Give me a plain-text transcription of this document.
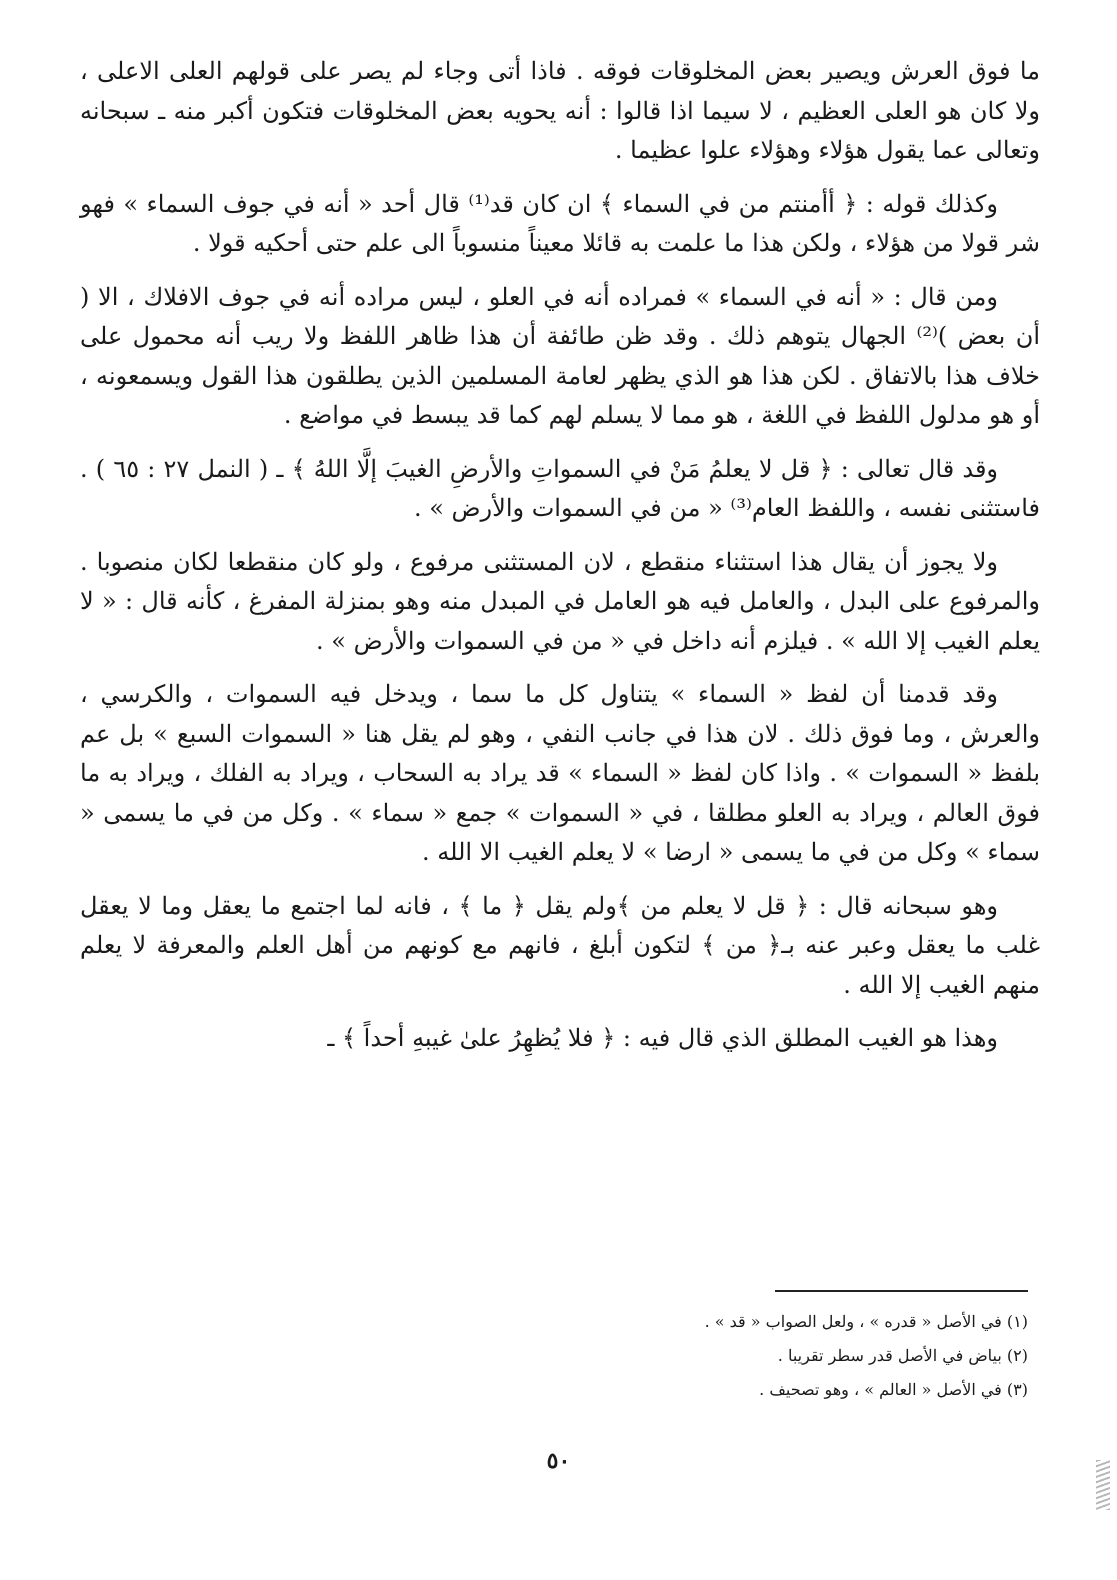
ما فوق العرش ويصير بعض المخلوقات فوقه . فاذا أتى وجاء لم يصر على قولهم العلى الاعلى ، ولا كان هو العلى العظيم ، لا سيما اذا قالوا : أنه يحويه بعض المخلوقات فتكون أكبر منه ـ سبحانه وتعالى عما يقول هؤلاء وهؤلاء علوا عظيما .

وكذلك قوله : ﴿ أأمنتم من في السماء ﴾ ان كان قد⁽¹⁾ قال أحد « أنه في جوف السماء » فهو شر قولا من هؤلاء ، ولكن هذا ما علمت به قائلا معيناً منسوباً الى علم حتى أحكيه قولا .

ومن قال : « أنه في السماء » فمراده أنه في العلو ، ليس مراده أنه في جوف الافلاك ، الا ( أن بعض )⁽²⁾ الجهال يتوهم ذلك . وقد ظن طائفة أن هذا ظاهر اللفظ ولا ريب أنه محمول على خلاف هذا بالاتفاق . لكن هذا هو الذي يظهر لعامة المسلمين الذين يطلقون هذا القول ويسمعونه ، أو هو مدلول اللفظ في اللغة ، هو مما لا يسلم لهم كما قد يبسط في مواضع .

وقد قال تعالى : ﴿ قل لا يعلمُ مَنْ في السمواتِ والأرضِ الغيبَ إلَّا اللهُ ﴾ ـ ( النمل ٢٧ : ٦٥ ) . فاستثنى نفسه ، واللفظ العام⁽³⁾ « من في السموات والأرض » .

ولا يجوز أن يقال هذا استثناء منقطع ، لان المستثنى مرفوع ، ولو كان منقطعا لكان منصوبا . والمرفوع على البدل ، والعامل فيه هو العامل في المبدل منه وهو بمنزلة المفرغ ، كأنه قال : « لا يعلم الغيب إلا الله » . فيلزم أنه داخل في « من في السموات والأرض » .

وقد قدمنا أن لفظ « السماء » يتناول كل ما سما ، ويدخل فيه السموات ، والكرسي ، والعرش ، وما فوق ذلك . لان هذا في جانب النفي ، وهو لم يقل هنا « السموات السبع » بل عم بلفظ « السموات » . واذا كان لفظ « السماء » قد يراد به السحاب ، ويراد به الفلك ، ويراد به ما فوق العالم ، ويراد به العلو مطلقا ، في « السموات » جمع « سماء » . وكل من في ما يسمى « سماء » وكل من في ما يسمى « ارضا » لا يعلم الغيب الا الله .

وهو سبحانه قال : ﴿ قل لا يعلم من ﴾ولم يقل ﴿ ما ﴾ ، فانه لما اجتمع ما يعقل وما لا يعقل غلب ما يعقل وعبر عنه بـ﴿ من ﴾ لتكون أبلغ ، فانهم مع كونهم من أهل العلم والمعرفة لا يعلم منهم الغيب إلا الله .

وهذا هو الغيب المطلق الذي قال فيه : ﴿ فلا يُظهِرُ علىٰ غيبهِ أحداً ﴾ ـ

(١) في الأصل « قدره » ، ولعل الصواب « قد » .

(٢) بياض في الأصل قدر سطر تقريبا .

(٣) في الأصل « العالم » ، وهو تصحيف .

٥٠
